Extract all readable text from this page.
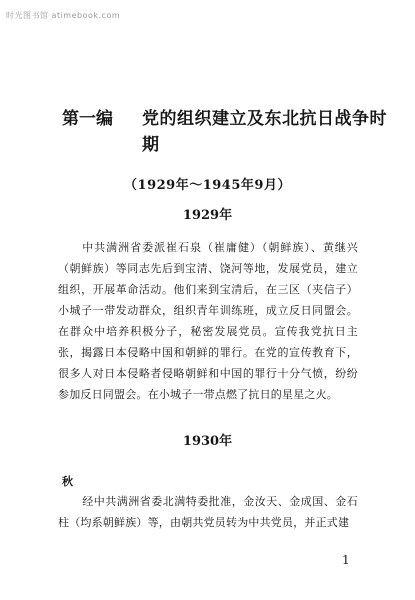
时光图书馆 atimebook.com
第一编	党的组织建立及东北抗日战争时期
（1929年～1945年9月）
1929年
中共满洲省委派崔石泉（崔庸健）（朝鲜族）、黄继兴（朝鲜族）等同志先后到宝清、饶河等地，发展党员，建立组织，开展革命活动。他们来到宝清后，在三区（夹信子）小城子一带发动群众，组织青年训练班，成立反日同盟会。在群众中培养积极分子，秘密发展党员。宣传我党抗日主张，揭露日本侵略中国和朝鲜的罪行。在党的宣传教育下，很多人对日本侵略者侵略朝鲜和中国的罪行十分气愤，纷纷参加反日同盟会。在小城子一带点燃了抗日的星星之火。
1930年
秋
经中共满洲省委北满特委批准，金汝天、金成国、金石柱（均系朝鲜族）等，由朝共党员转为中共党员，并正式建
1
